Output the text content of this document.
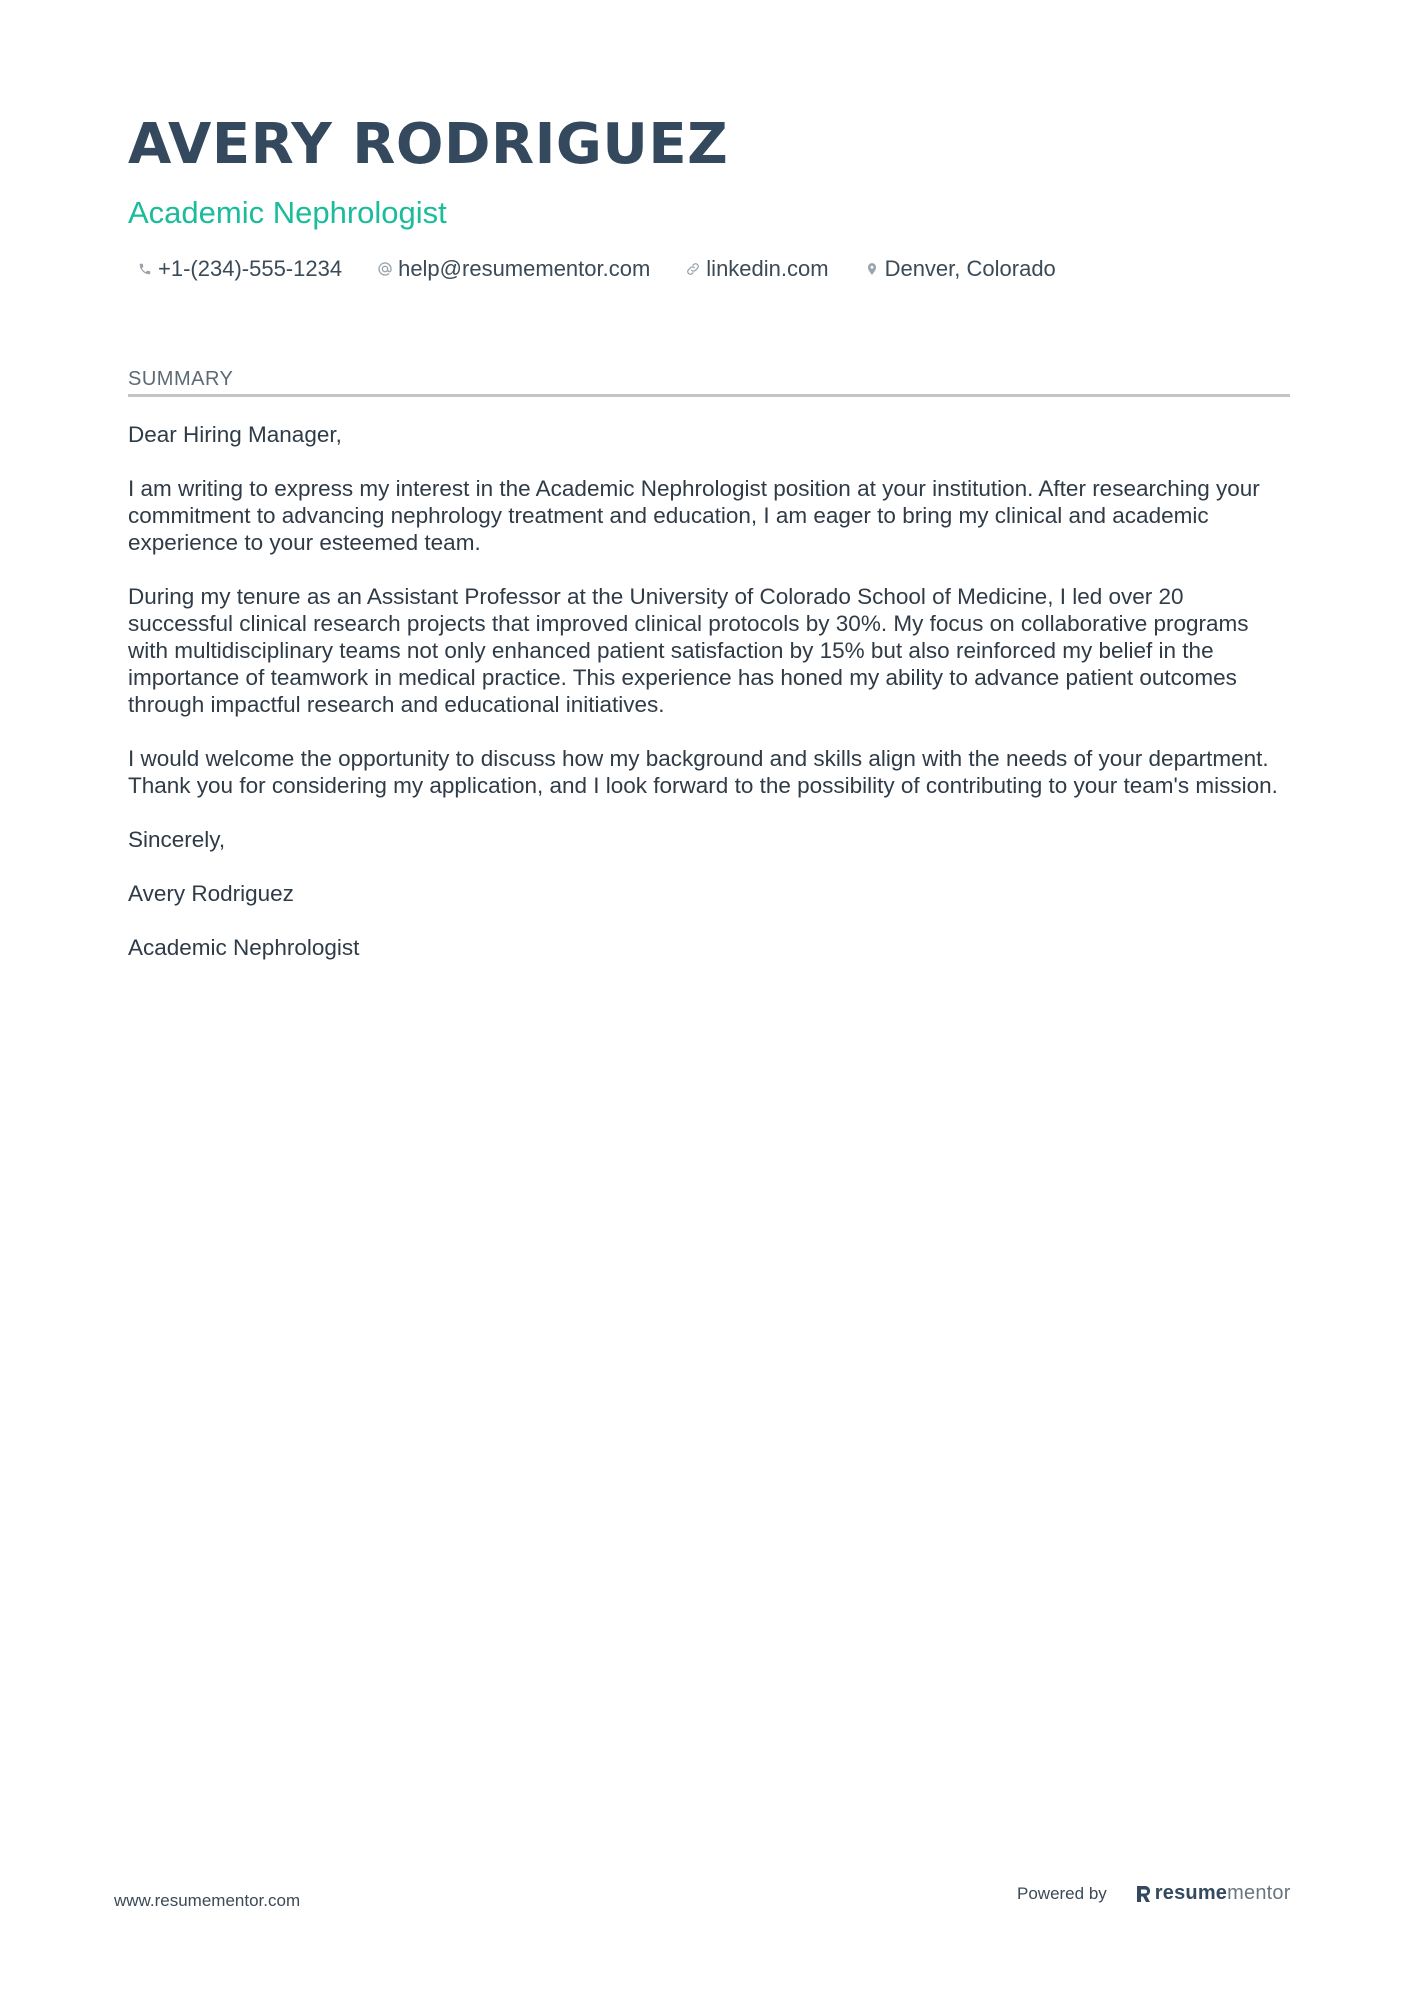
AVERY RODRIGUEZ
Academic Nephrologist
+1-(234)-555-1234	help@resumementor.com	linkedin.com	Denver, Colorado
SUMMARY

Dear Hiring Manager,

I am writing to express my interest in the Academic Nephrologist position at your institution. After researching your commitment to advancing nephrology treatment and education, I am eager to bring my clinical and academic experience to your esteemed team.

During my tenure as an Assistant Professor at the University of Colorado School of Medicine, I led over 20 successful clinical research projects that improved clinical protocols by 30%. My focus on collaborative programs with multidisciplinary teams not only enhanced patient satisfaction by 15% but also reinforced my belief in the importance of teamwork in medical practice. This experience has honed my ability to advance patient outcomes through impactful research and educational initiatives.

I would welcome the opportunity to discuss how my background and skills align with the needs of your department. Thank you for considering my application, and I look forward to the possibility of contributing to your team's mission.

Sincerely,

Avery Rodriguez

Academic Nephrologist

www.resumementor.com	Powered by resume mentor
